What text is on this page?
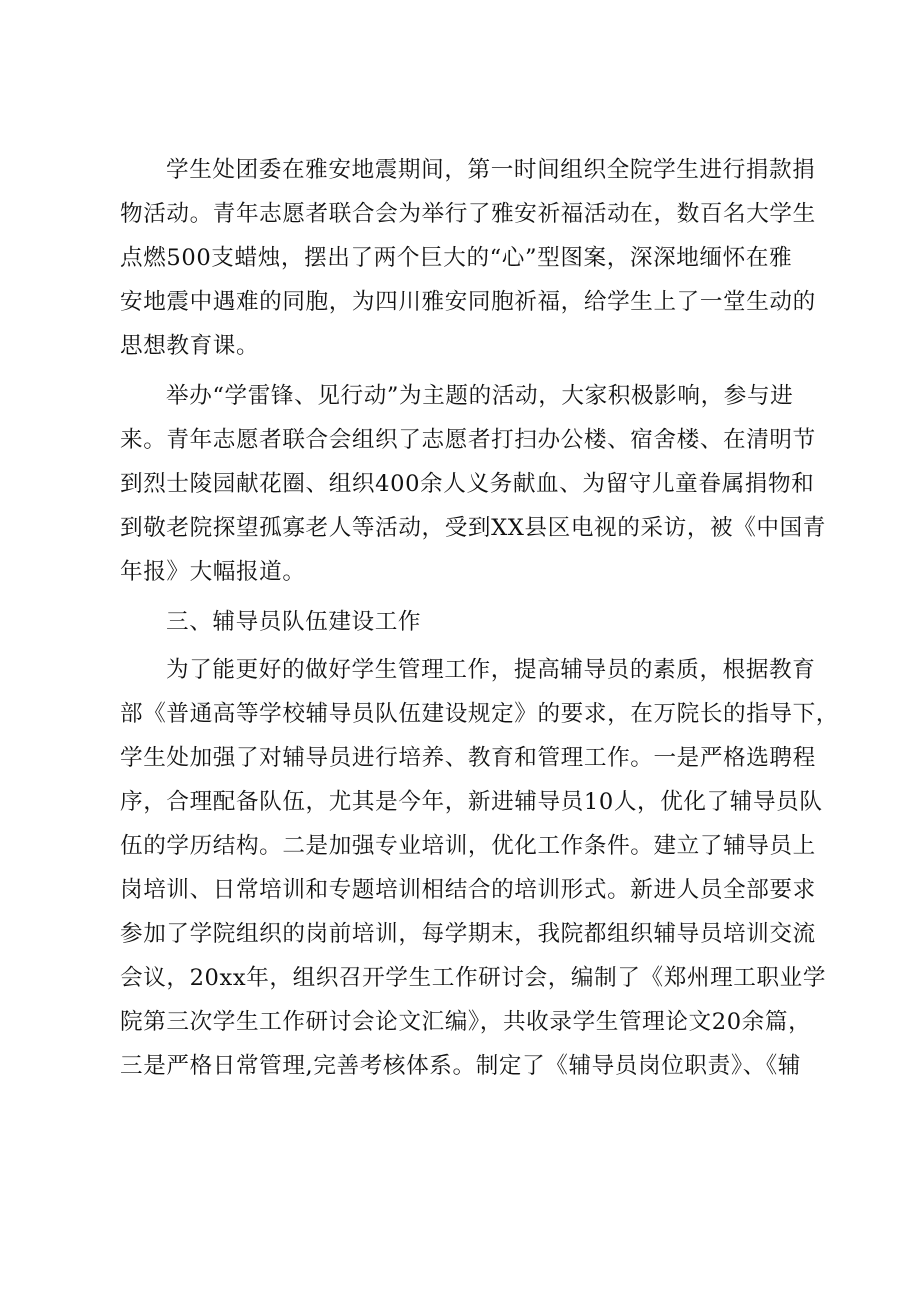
学生处团委在雅安地震期间，第一时间组织全院学生进行捐款捐
物活动。青年志愿者联合会为举行了雅安祈福活动在，数百名大学生
点燃500支蜡烛，摆出了两个巨大的“心”型图案，深深地缅怀在雅
安地震中遇难的同胞，为四川雅安同胞祈福，给学生上了一堂生动的
思想教育课。
举办“学雷锋、见行动”为主题的活动，大家积极影响，参与进
来。青年志愿者联合会组织了志愿者打扫办公楼、宿舍楼、在清明节
到烈士陵园献花圈、组织400余人义务献血、为留守儿童眷属捐物和
到敬老院探望孤寡老人等活动，受到XX县区电视的采访，被《中国青
年报》大幅报道。
三、辅导员队伍建设工作
为了能更好的做好学生管理工作，提高辅导员的素质，根据教育
部《普通高等学校辅导员队伍建设规定》的要求，在万院长的指导下，
学生处加强了对辅导员进行培养、教育和管理工作。一是严格选聘程
序，合理配备队伍，尤其是今年，新进辅导员10人，优化了辅导员队
伍的学历结构。二是加强专业培训，优化工作条件。建立了辅导员上
岗培训、日常培训和专题培训相结合的培训形式。新进人员全部要求
参加了学院组织的岗前培训，每学期末，我院都组织辅导员培训交流
会议，20xx年，组织召开学生工作研讨会，编制了《郑州理工职业学
院第三次学生工作研讨会论文汇编》，共收录学生管理论文20余篇，
三是严格日常管理,完善考核体系。制定了《辅导员岗位职责》、《辅
